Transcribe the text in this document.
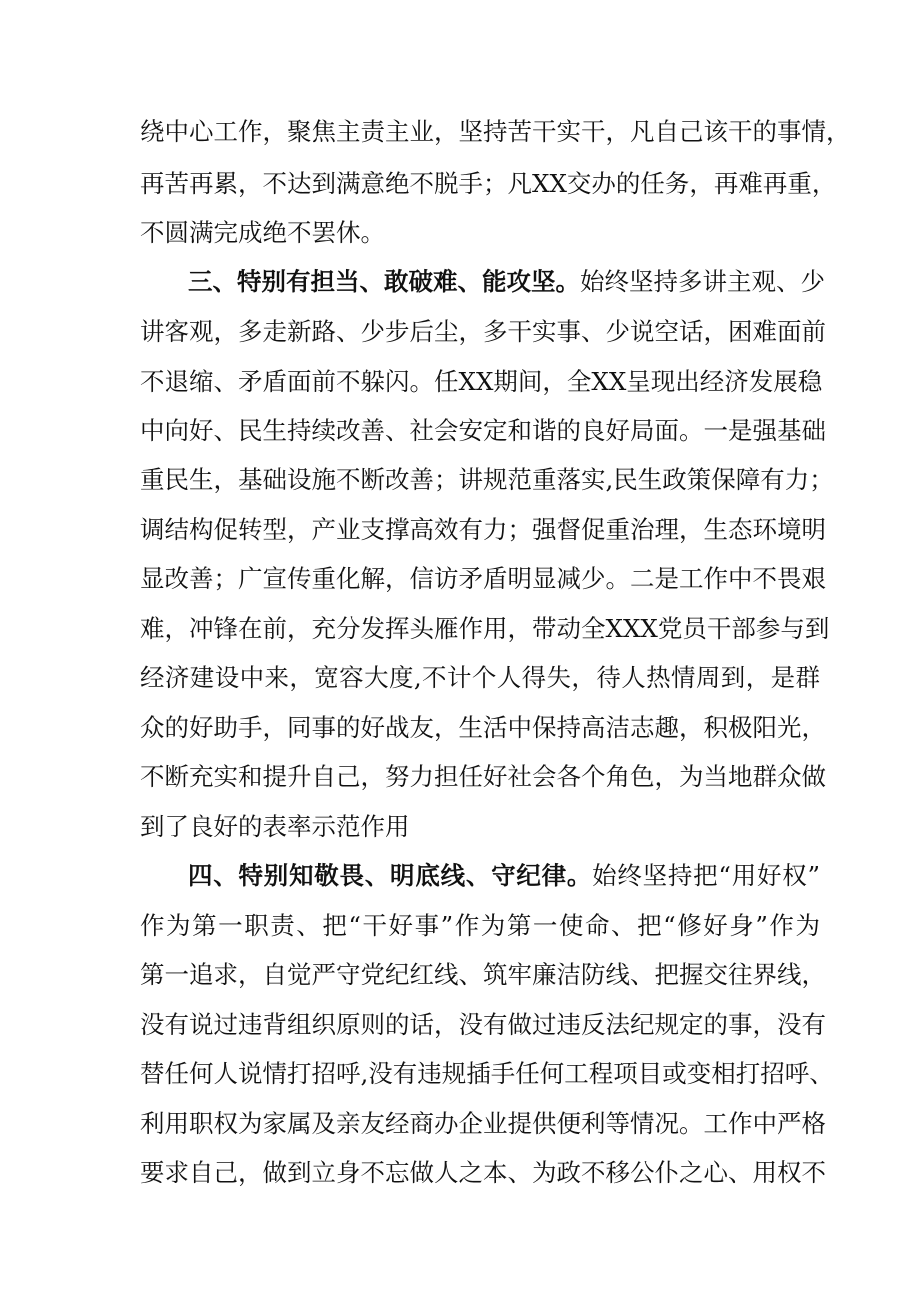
绕中心工作，聚焦主责主业，坚持苦干实干，凡自己该干的事情，
再苦再累，不达到满意绝不脱手；凡XX交办的任务，再难再重，
不圆满完成绝不罢休。
三、特别有担当、敢破难、能攻坚。始终坚持多讲主观、少
讲客观，多走新路、少步后尘，多干实事、少说空话，困难面前
不退缩、矛盾面前不躲闪。任XX期间，全XX呈现出经济发展稳
中向好、民生持续改善、社会安定和谐的良好局面。一是强基础
重民生，基础设施不断改善；讲规范重落实,民生政策保障有力；
调结构促转型，产业支撑高效有力；强督促重治理，生态环境明
显改善；广宣传重化解，信访矛盾明显减少。二是工作中不畏艰
难，冲锋在前，充分发挥头雁作用，带动全XXX党员干部参与到
经济建设中来，宽容大度,不计个人得失，待人热情周到，是群
众的好助手，同事的好战友，生活中保持高洁志趣，积极阳光，
不断充实和提升自己，努力担任好社会各个角色，为当地群众做
到了良好的表率示范作用
四、特别知敬畏、明底线、守纪律。始终坚持把“用好权”
作为第一职责、把“干好事”作为第一使命、把“修好身”作为
第一追求，自觉严守党纪红线、筑牢廉洁防线、把握交往界线，
没有说过违背组织原则的话，没有做过违反法纪规定的事，没有
替任何人说情打招呼,没有违规插手任何工程项目或变相打招呼、
利用职权为家属及亲友经商办企业提供便利等情况。工作中严格
要求自己，做到立身不忘做人之本、为政不移公仆之心、用权不
